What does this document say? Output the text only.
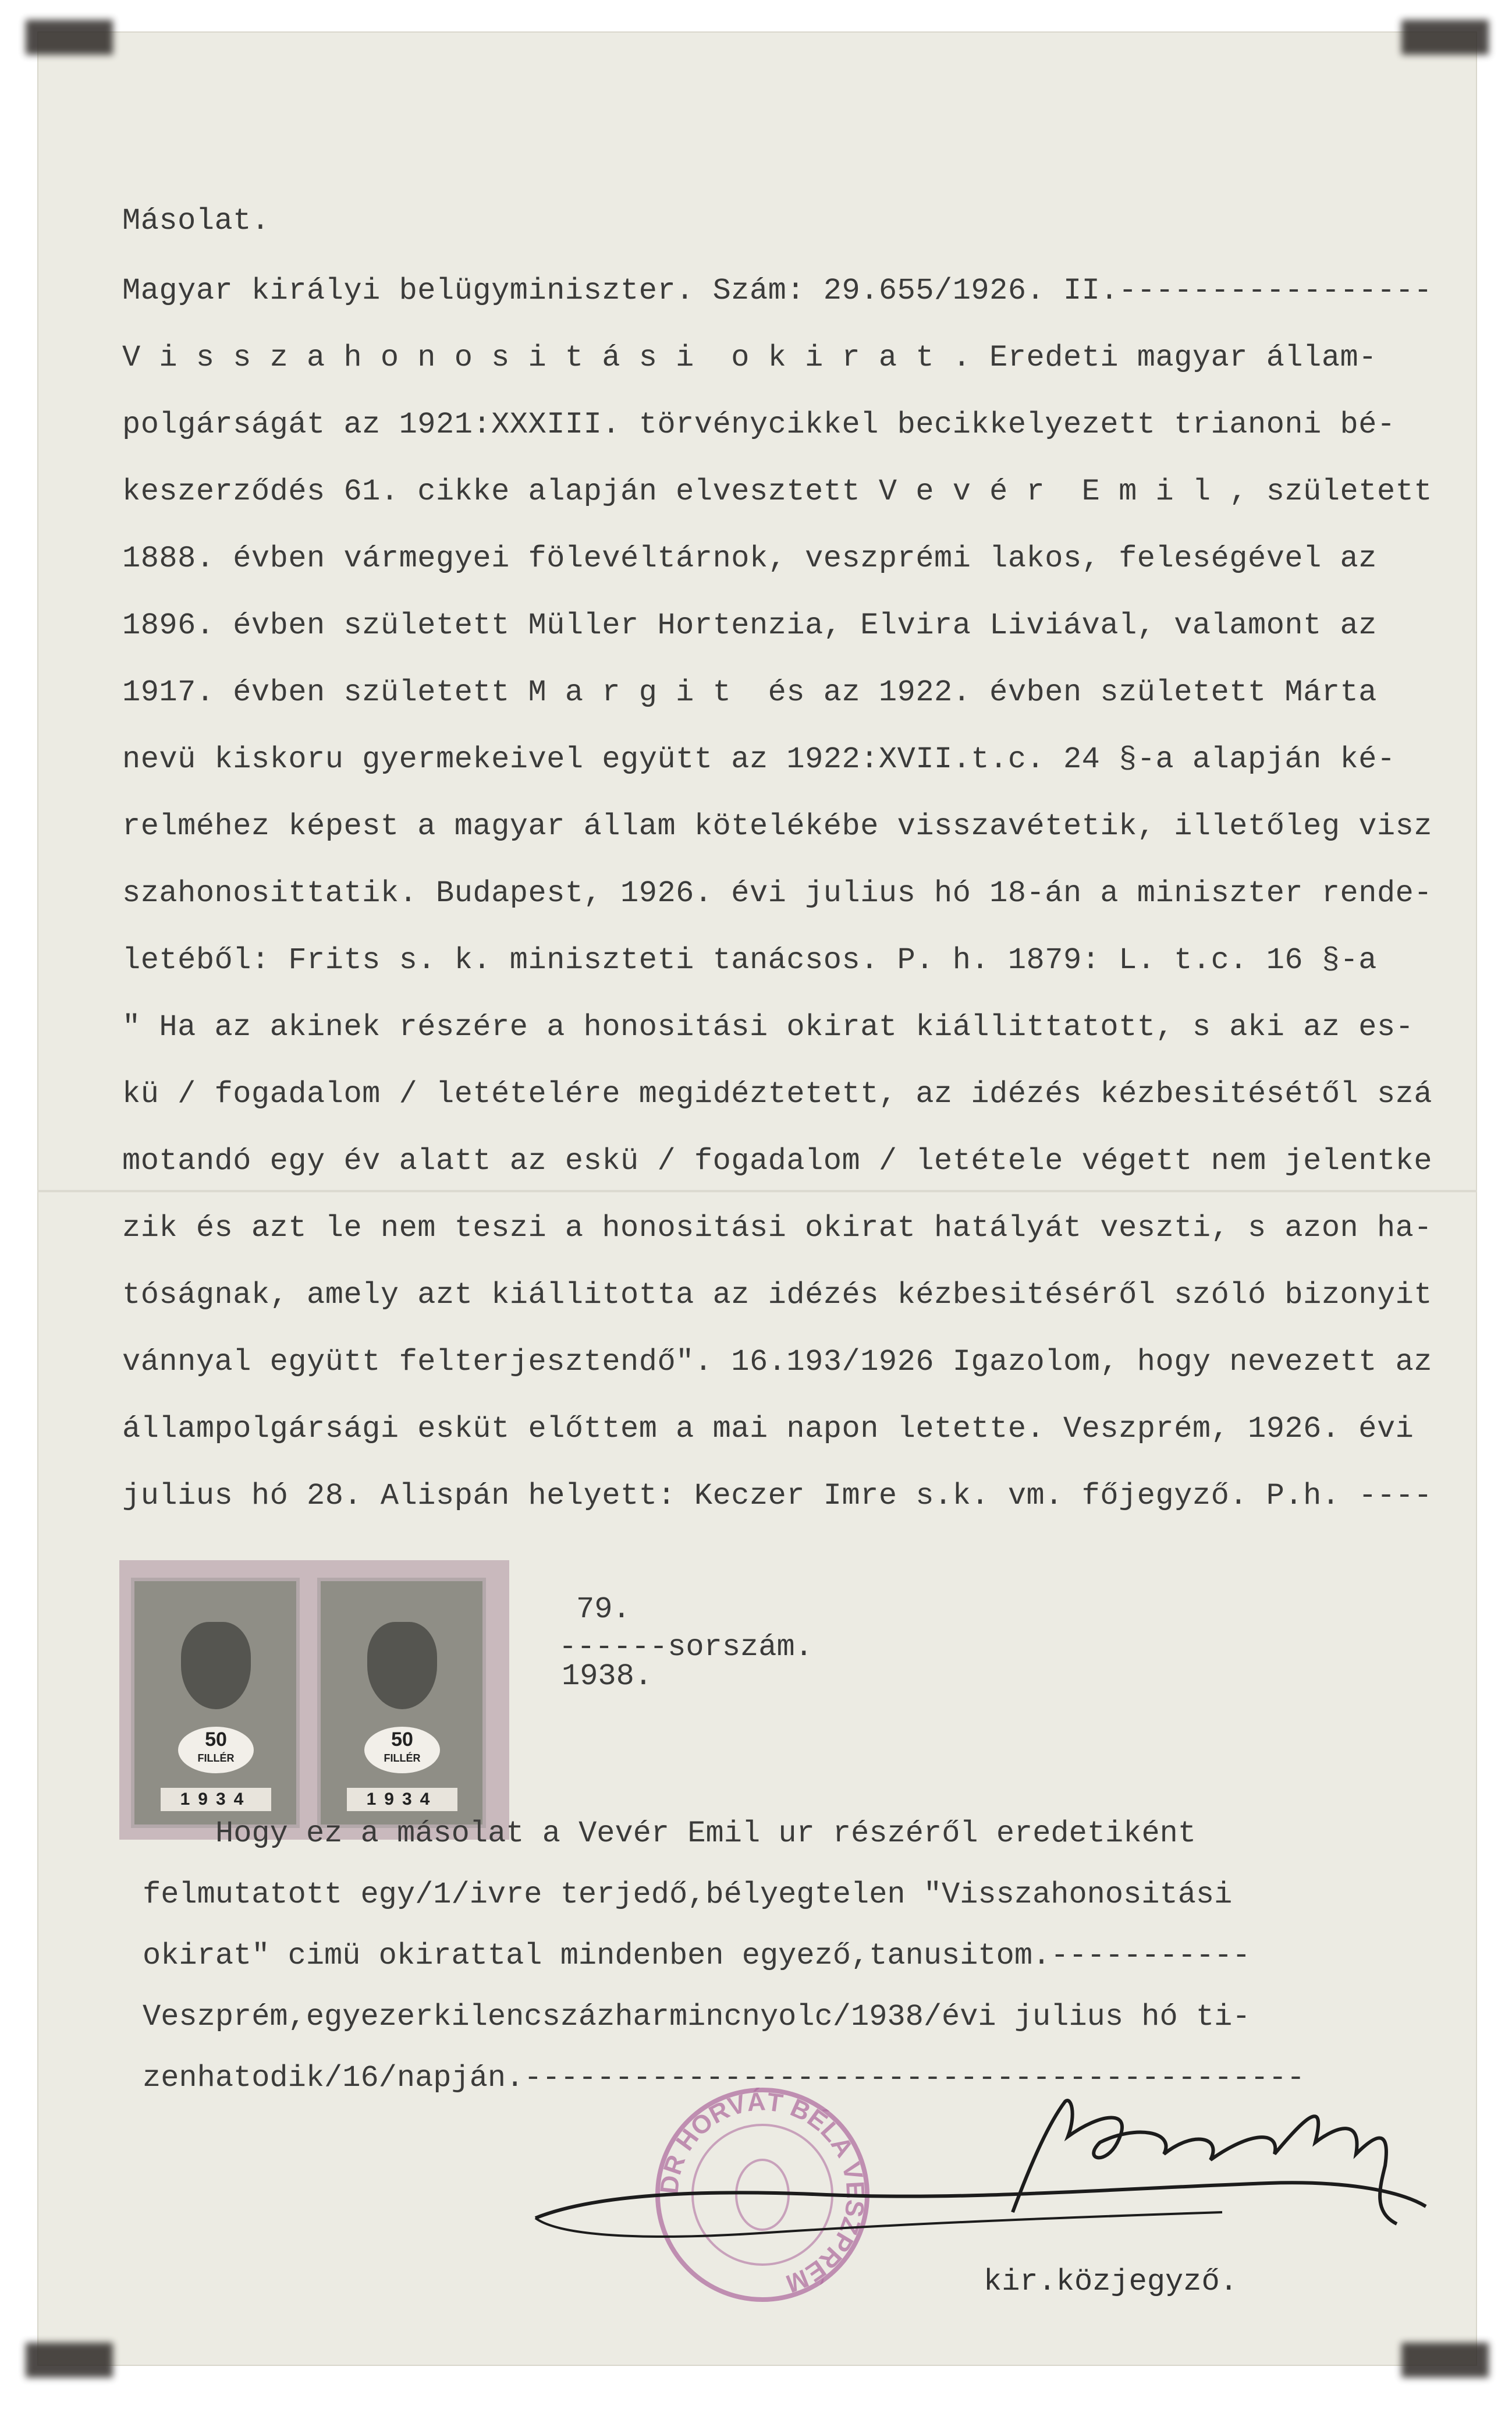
Másolat.
Magyar királyi belügyminiszter. Szám: 29.655/1926. II.-----------------
V i s s z a h o n o s i t á s i  o k i r a t . Eredeti magyar állam-
polgárságát az 1921:XXXIII. törvénycikkel becikkelyezett trianoni bé-
keszerződés 61. cikke alapján elvesztett V e v é r  E m i l , született
1888. évben vármegyei fölevéltárnok, veszprémi lakos, feleségével az
1896. évben született Müller Hortenzia, Elvira Liviával, valamont az
1917. évben született M a r g i t  és az 1922. évben született Márta
nevü kiskoru gyermekeivel együtt az 1922:XVII.t.c. 24 §-a alapján ké-
relméhez képest a magyar állam kötelékébe visszavétetik, illetőleg visz
szahonosittatik. Budapest, 1926. évi julius hó 18-án a miniszter rende-
letéből: Frits s. k. miniszteti tanácsos. P. h. 1879: L. t.c. 16 §-a
" Ha az akinek részére a honositási okirat kiállittatott, s aki az es-
kü / fogadalom / letételére megidéztetett, az idézés kézbesitésétől szá
motandó egy év alatt az eskü / fogadalom / letétele végett nem jelentke
zik és azt le nem teszi a honositási okirat hatályát veszti, s azon ha-
tóságnak, amely azt kiállitotta az idézés kézbesitéséről szóló bizonyit
vánnyal együtt felterjesztendő". 16.193/1926 Igazolom, hogy nevezett az
állampolgársági esküt előttem a mai napon letette. Veszprém, 1926. évi
julius hó 28. Alispán helyett: Keczer Imre s.k. vm. főjegyző. P.h. ----
50
FILLÉR
1934
50
FILLÉR
1934
79.
------sorszám.
1938.
Hogy ez a másolat a Vevér Emil ur részéről eredetiként
felmutatott egy/1/ivre terjedő,bélyegtelen "Visszahonositási
okirat" cimü okirattal mindenben egyező,tanusitom.-----------
Veszprém,egyezerkilencszázharmincnyolc/1938/évi julius hó ti-
zenhatodik/16/napján.-------------------------------------------
DR HORVÁT BÉLA VESZPRÉM	kir.közjegyző.
